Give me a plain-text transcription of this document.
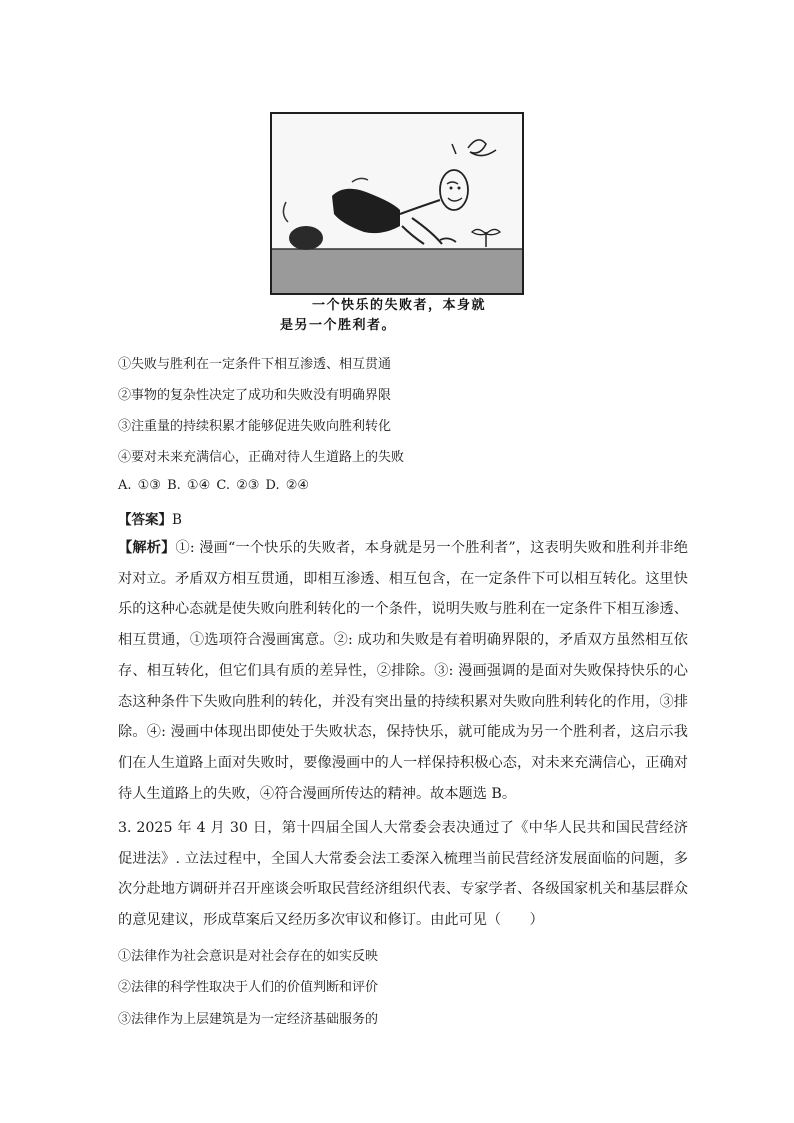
一个快乐的失败者，本身就
是另一个胜利者。
①失败与胜利在一定条件下相互渗透、相互贯通
②事物的复杂性决定了成功和失败没有明确界限
③注重量的持续积累才能够促进失败向胜利转化
④要对未来充满信心，正确对待人生道路上的失败
A. ①③ B. ①④ C. ②③ D. ②④
【答案】B

【解析】①: 漫画“一个快乐的失败者，本身就是另一个胜利者”，这表明失败和胜利并非绝对对立。矛盾双方相互贯通，即相互渗透、相互包含，在一定条件下可以相互转化。这里快乐的这种心态就是使失败向胜利转化的一个条件，说明失败与胜利在一定条件下相互渗透、相互贯通，①选项符合漫画寓意。②: 成功和失败是有着明确界限的，矛盾双方虽然相互依存、相互转化，但它们具有质的差异性，②排除。③: 漫画强调的是面对失败保持快乐的心态这种条件下失败向胜利的转化，并没有突出量的持续积累对失败向胜利转化的作用，③排除。④: 漫画中体现出即使处于失败状态，保持快乐，就可能成为另一个胜利者，这启示我们在人生道路上面对失败时，要像漫画中的人一样保持积极心态，对未来充满信心，正确对待人生道路上的失败，④符合漫画所传达的精神。故本题选 B。

3. 2025 年 4 月 30 日，第十四届全国人大常委会表决通过了《中华人民共和国民营经济促进法》. 立法过程中，全国人大常委会法工委深入梳理当前民营经济发展面临的问题，多次分赴地方调研并召开座谈会听取民营经济组织代表、专家学者、各级国家机关和基层群众的意见建议，形成草案后又经历多次审议和修订。由此可见（　　）

①法律作为社会意识是对社会存在的如实反映
②法律的科学性取决于人们的价值判断和评价
③法律作为上层建筑是为一定经济基础服务的
